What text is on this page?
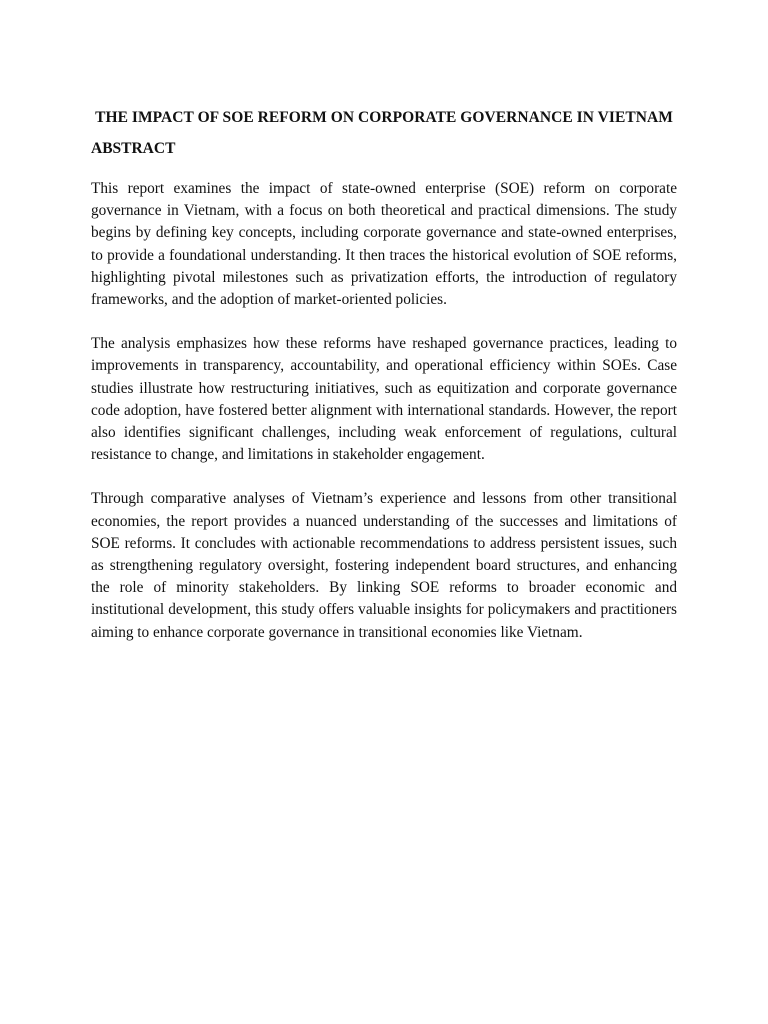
THE IMPACT OF SOE REFORM ON CORPORATE GOVERNANCE IN VIETNAM
ABSTRACT

This report examines the impact of state-owned enterprise (SOE) reform on corporate governance in Vietnam, with a focus on both theoretical and practical dimensions. The study begins by defining key concepts, including corporate governance and state-owned enterprises, to provide a foundational understanding. It then traces the historical evolution of SOE reforms, highlighting pivotal milestones such as privatization efforts, the introduction of regulatory frameworks, and the adoption of market-oriented policies.

The analysis emphasizes how these reforms have reshaped governance practices, leading to improvements in transparency, accountability, and operational efficiency within SOEs. Case studies illustrate how restructuring initiatives, such as equitization and corporate governance code adoption, have fostered better alignment with international standards. However, the report also identifies significant challenges, including weak enforcement of regulations, cultural resistance to change, and limitations in stakeholder engagement.

Through comparative analyses of Vietnam’s experience and lessons from other transitional economies, the report provides a nuanced understanding of the successes and limitations of SOE reforms. It concludes with actionable recommendations to address persistent issues, such as strengthening regulatory oversight, fostering independent board structures, and enhancing the role of minority stakeholders. By linking SOE reforms to broader economic and institutional development, this study offers valuable insights for policymakers and practitioners aiming to enhance corporate governance in transitional economies like Vietnam.
